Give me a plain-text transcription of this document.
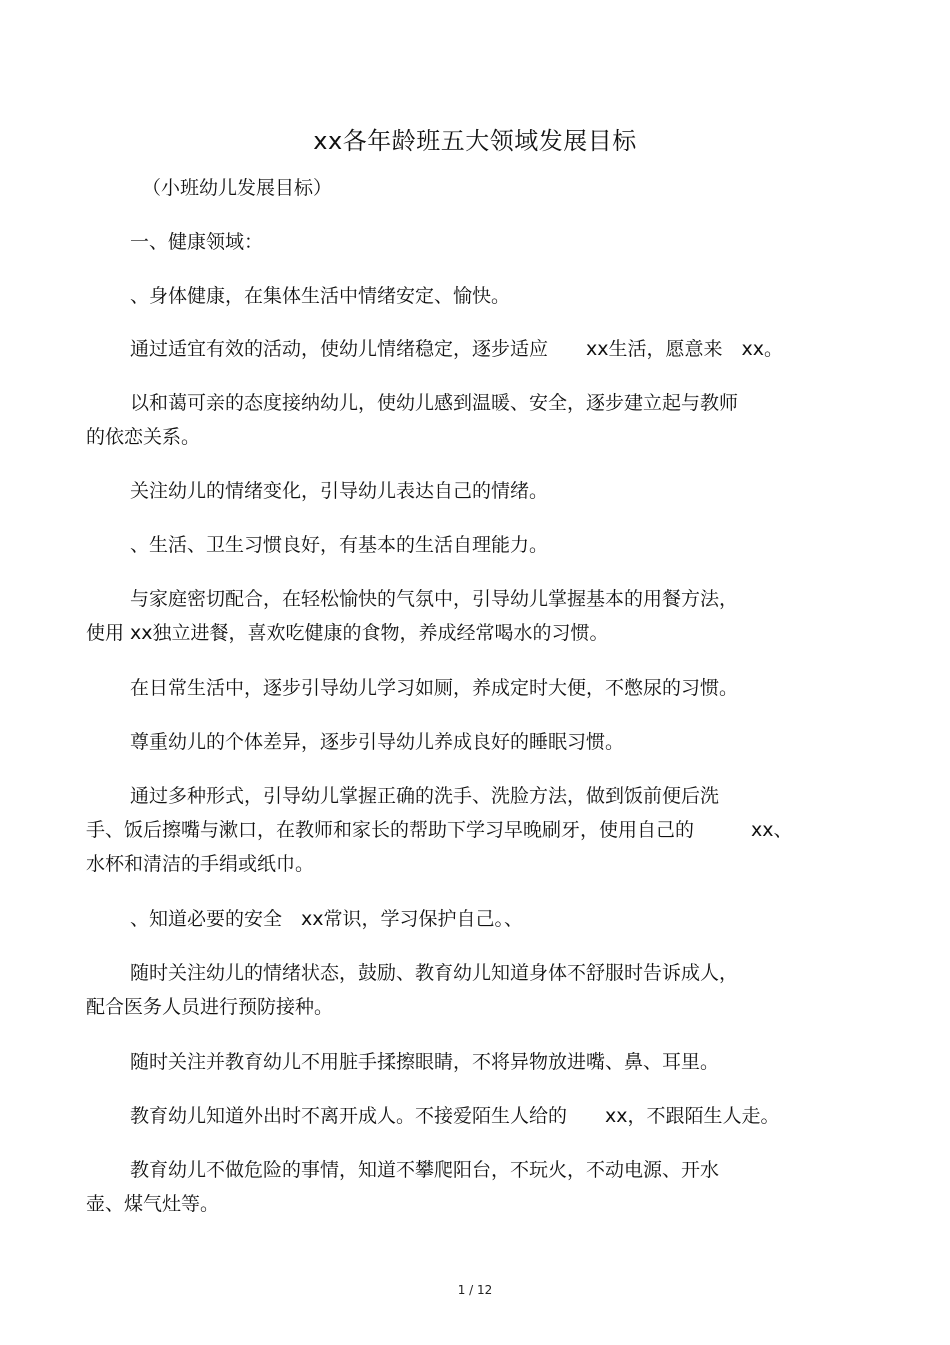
xx各年龄班五大领域发展目标
（小班幼儿发展目标）
一、健康领域：
、身体健康，在集体生活中情绪安定、愉快。
通过适宜有效的活动，使幼儿情绪稳定，逐步适应　　xx生活，愿意来　xx。
以和蔼可亲的态度接纳幼儿，使幼儿感到温暖、安全，逐步建立起与教师
的依恋关系。
关注幼儿的情绪变化，引导幼儿表达自己的情绪。
、生活、卫生习惯良好，有基本的生活自理能力。
与家庭密切配合，在轻松愉快的气氛中，引导幼儿掌握基本的用餐方法，
使用 xx独立进餐，喜欢吃健康的食物，养成经常喝水的习惯。
在日常生活中，逐步引导幼儿学习如厕，养成定时大便，不憋尿的习惯。
尊重幼儿的个体差异，逐步引导幼儿养成良好的睡眠习惯。
通过多种形式，引导幼儿掌握正确的洗手、洗脸方法，做到饭前便后洗
手、饭后擦嘴与漱口，在教师和家长的帮助下学习早晚刷牙，使用自己的　　　xx、
水杯和清洁的手绢或纸巾。
、知道必要的安全　xx常识，学习保护自己。、
随时关注幼儿的情绪状态，鼓励、教育幼儿知道身体不舒服时告诉成人，
配合医务人员进行预防接种。
随时关注并教育幼儿不用脏手揉擦眼睛，不将异物放进嘴、鼻、耳里。
教育幼儿知道外出时不离开成人。不接爱陌生人给的　　xx，不跟陌生人走。
教育幼儿不做危险的事情，知道不攀爬阳台，不玩火，不动电源、开水
壶、煤气灶等。
1 / 12
